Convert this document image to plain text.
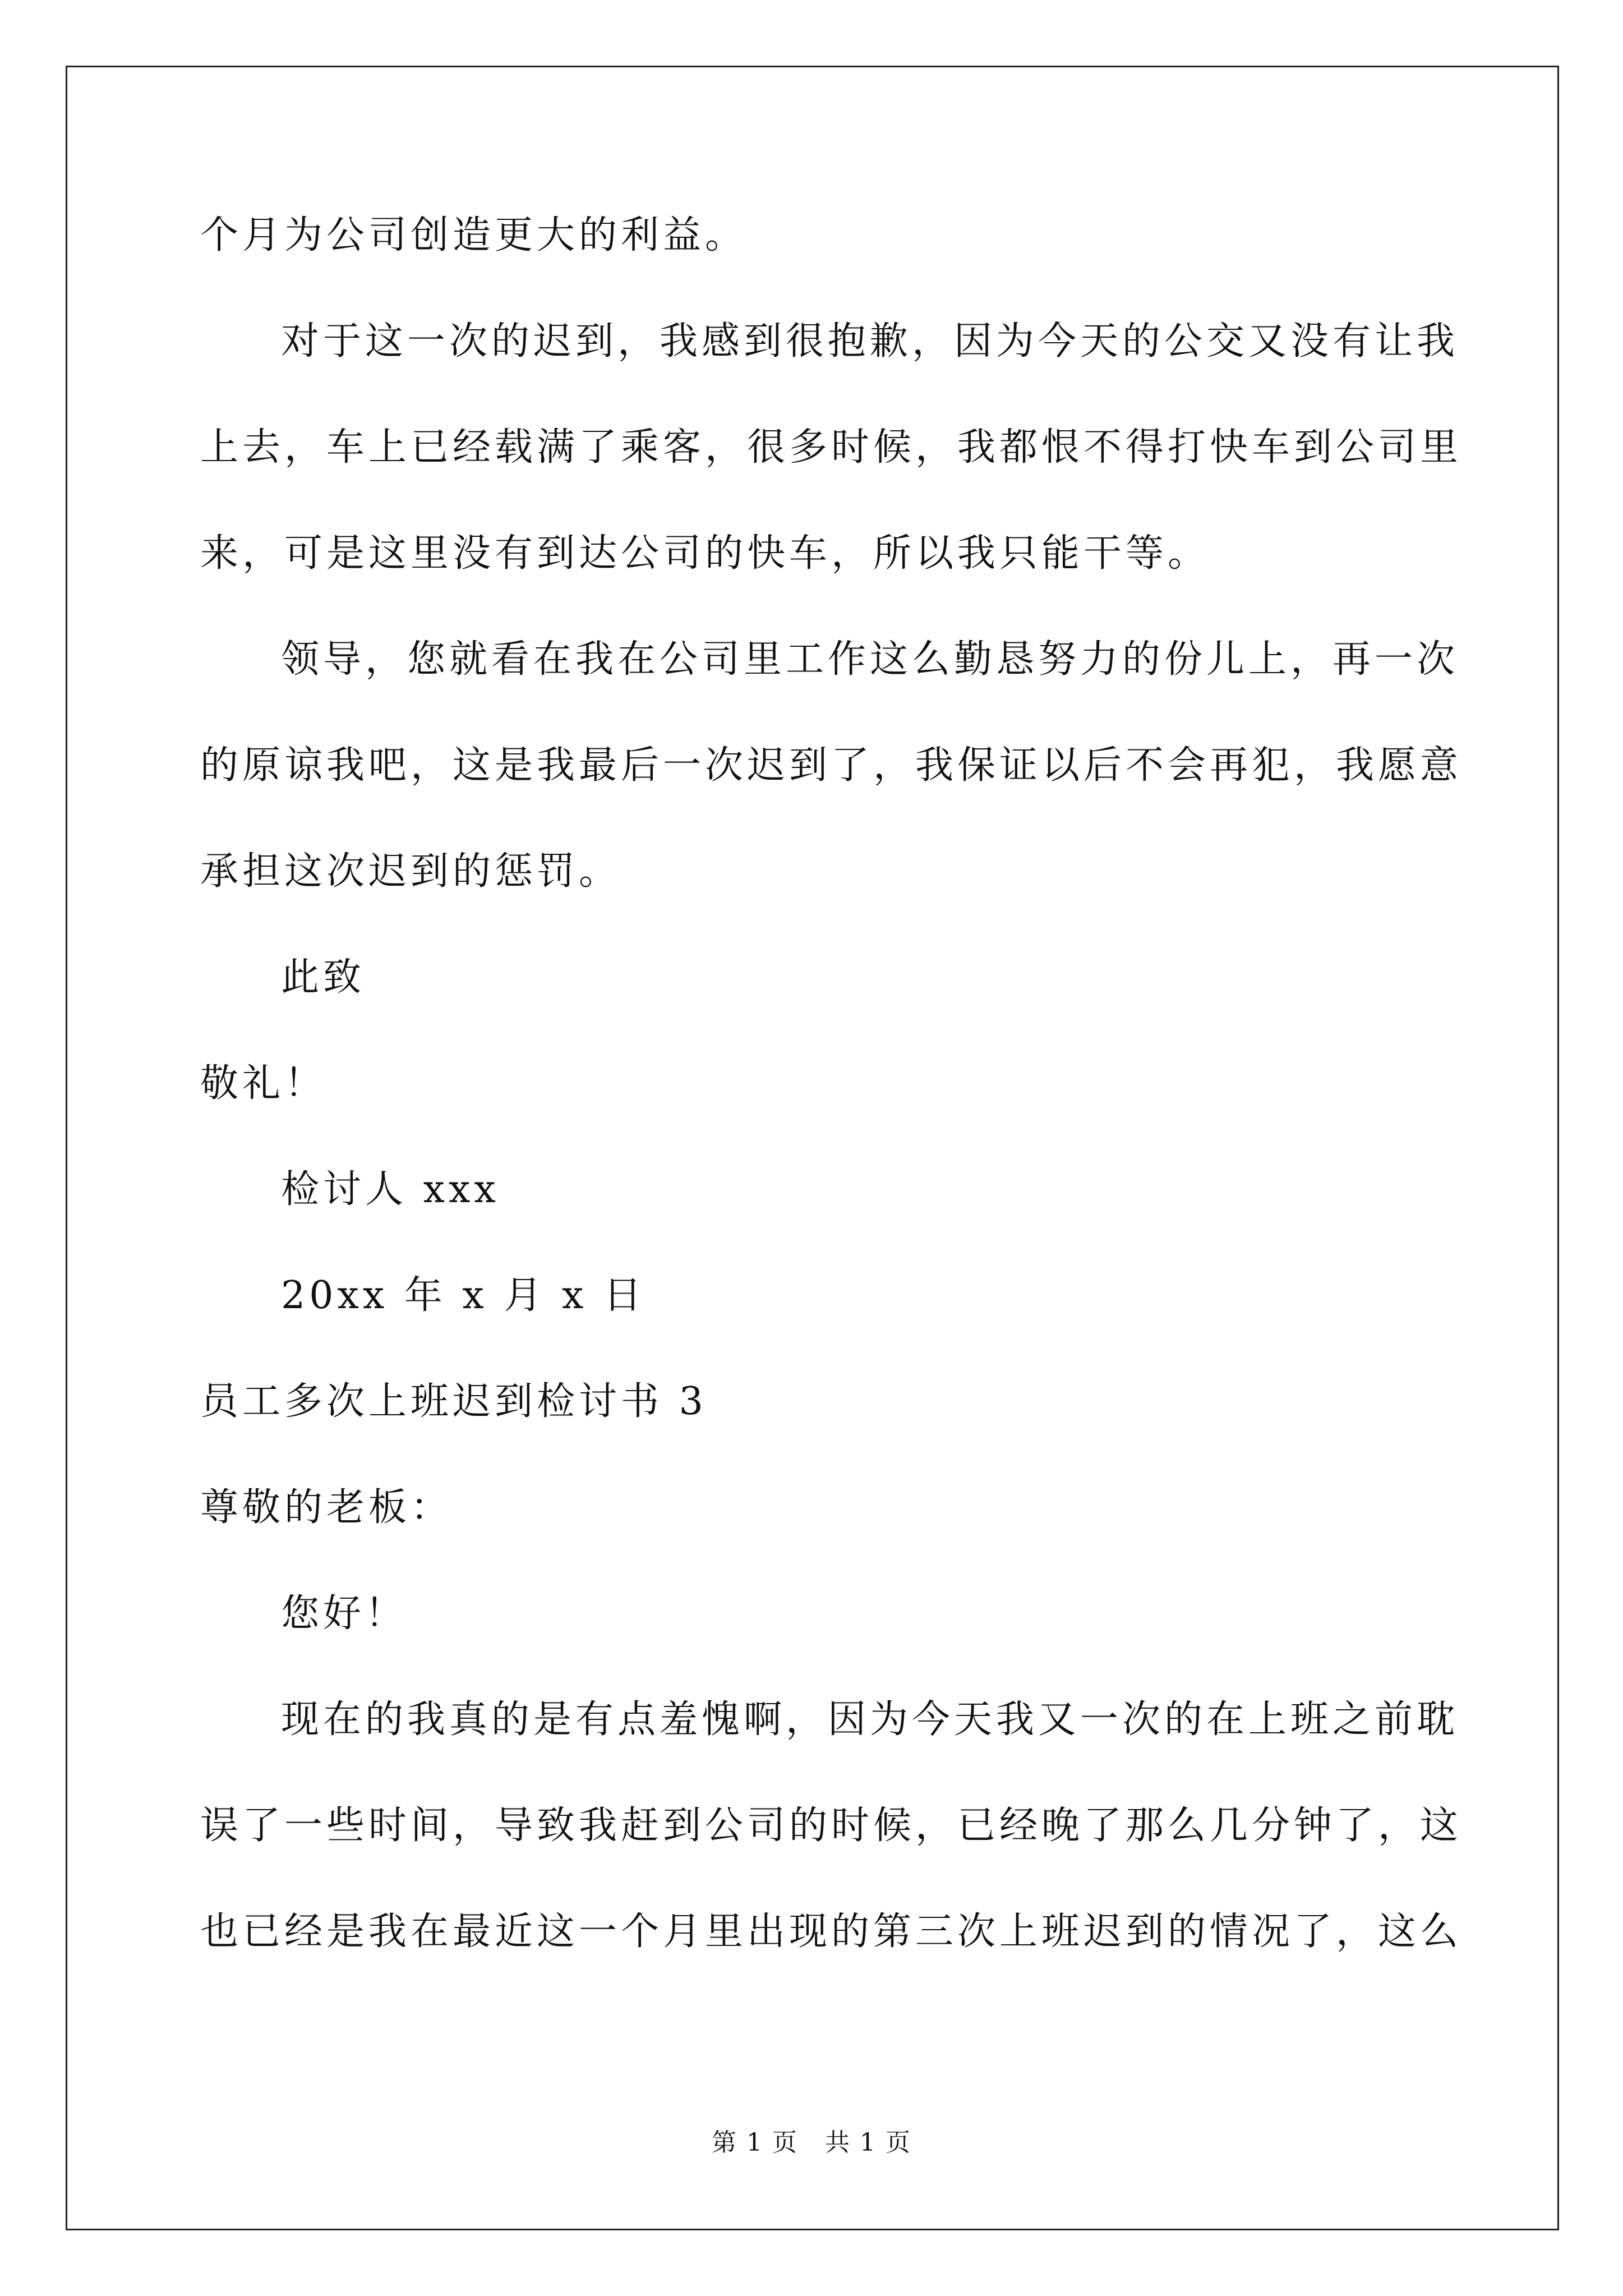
个月为公司创造更大的利益。
对于这一次的迟到，我感到很抱歉，因为今天的公交又没有让我
上去，车上已经载满了乘客，很多时候，我都恨不得打快车到公司里
来，可是这里没有到达公司的快车，所以我只能干等。
领导，您就看在我在公司里工作这么勤恳努力的份儿上，再一次
的原谅我吧，这是我最后一次迟到了，我保证以后不会再犯，我愿意
承担这次迟到的惩罚。
此致
敬礼！
检讨人 xxx
20xx 年 x 月 x 日
员工多次上班迟到检讨书 3
尊敬的老板：
您好！
现在的我真的是有点羞愧啊，因为今天我又一次的在上班之前耽
误了一些时间，导致我赶到公司的时候，已经晚了那么几分钟了，这
也已经是我在最近这一个月里出现的第三次上班迟到的情况了，这么
第 1 页   共 1 页
